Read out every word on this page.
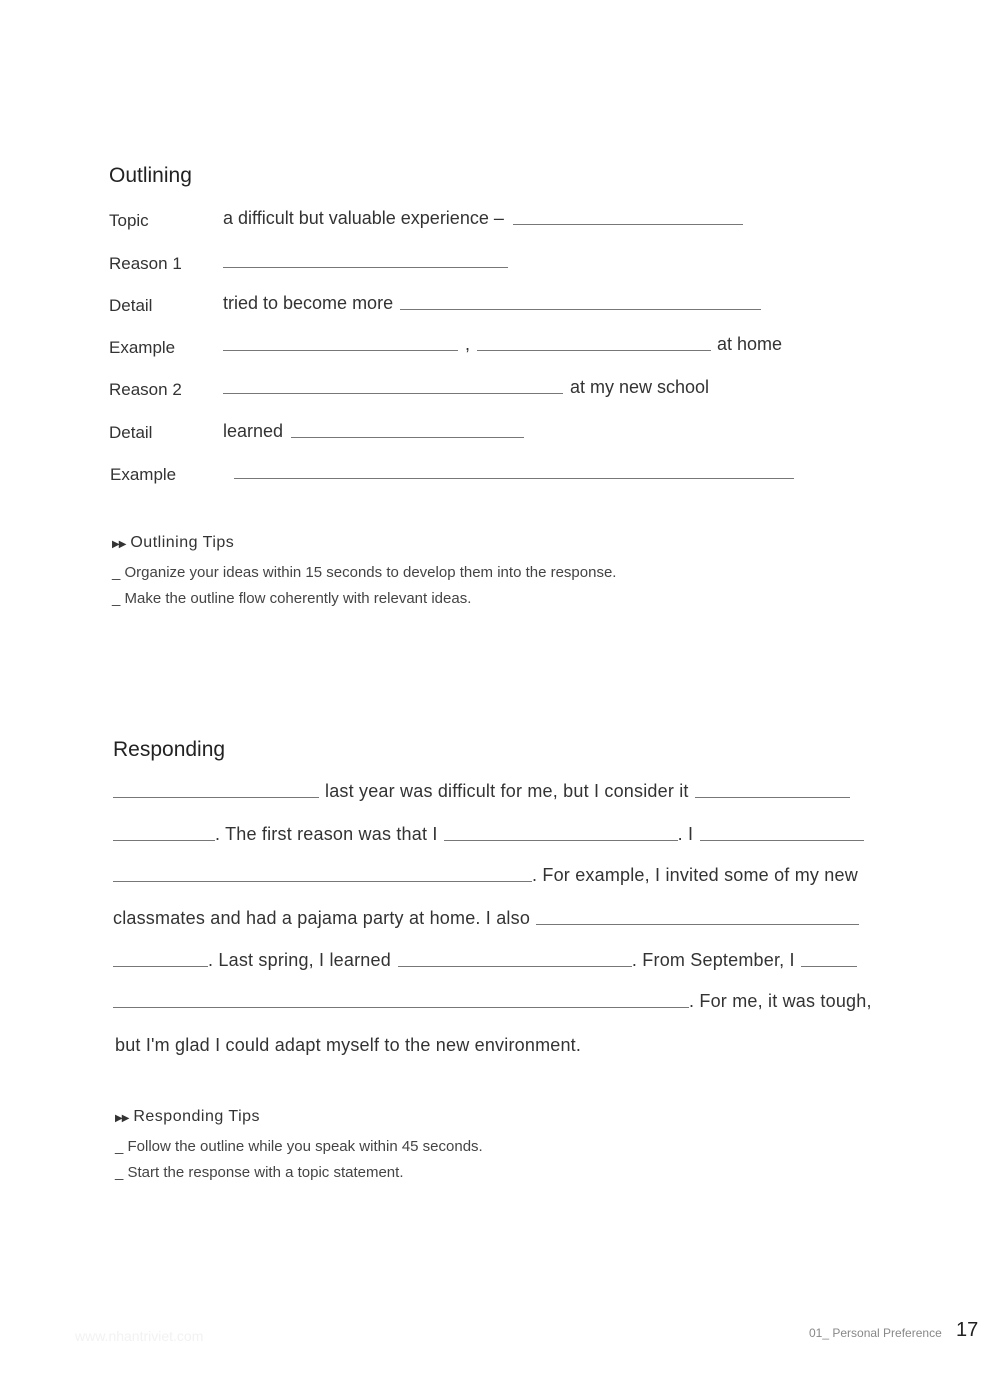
Outlining
Topic	a difficult but valuable experience –
Reason 1
Detail	tried to become more
Example	,	at home
Reason 2	at my new school
Detail	learned
Example
▶▶ Outlining Tips
_ Organize your ideas within 15 seconds to develop them into the response.
_ Make the outline flow coherently with relevant ideas.
Responding
last year was difficult for me, but I consider it
. The first reason was that I	. I
. For example, I invited some of my new
classmates and had a pajama party at home. I also
. Last spring, I learned	. From September, I
. For me, it was tough,
but I'm glad I could adapt myself to the new environment.
▶▶ Responding Tips
_ Follow the outline while you speak within 45 seconds.
_ Start the response with a topic statement.
www.nhantriviet.com	01_ Personal Preference 17
